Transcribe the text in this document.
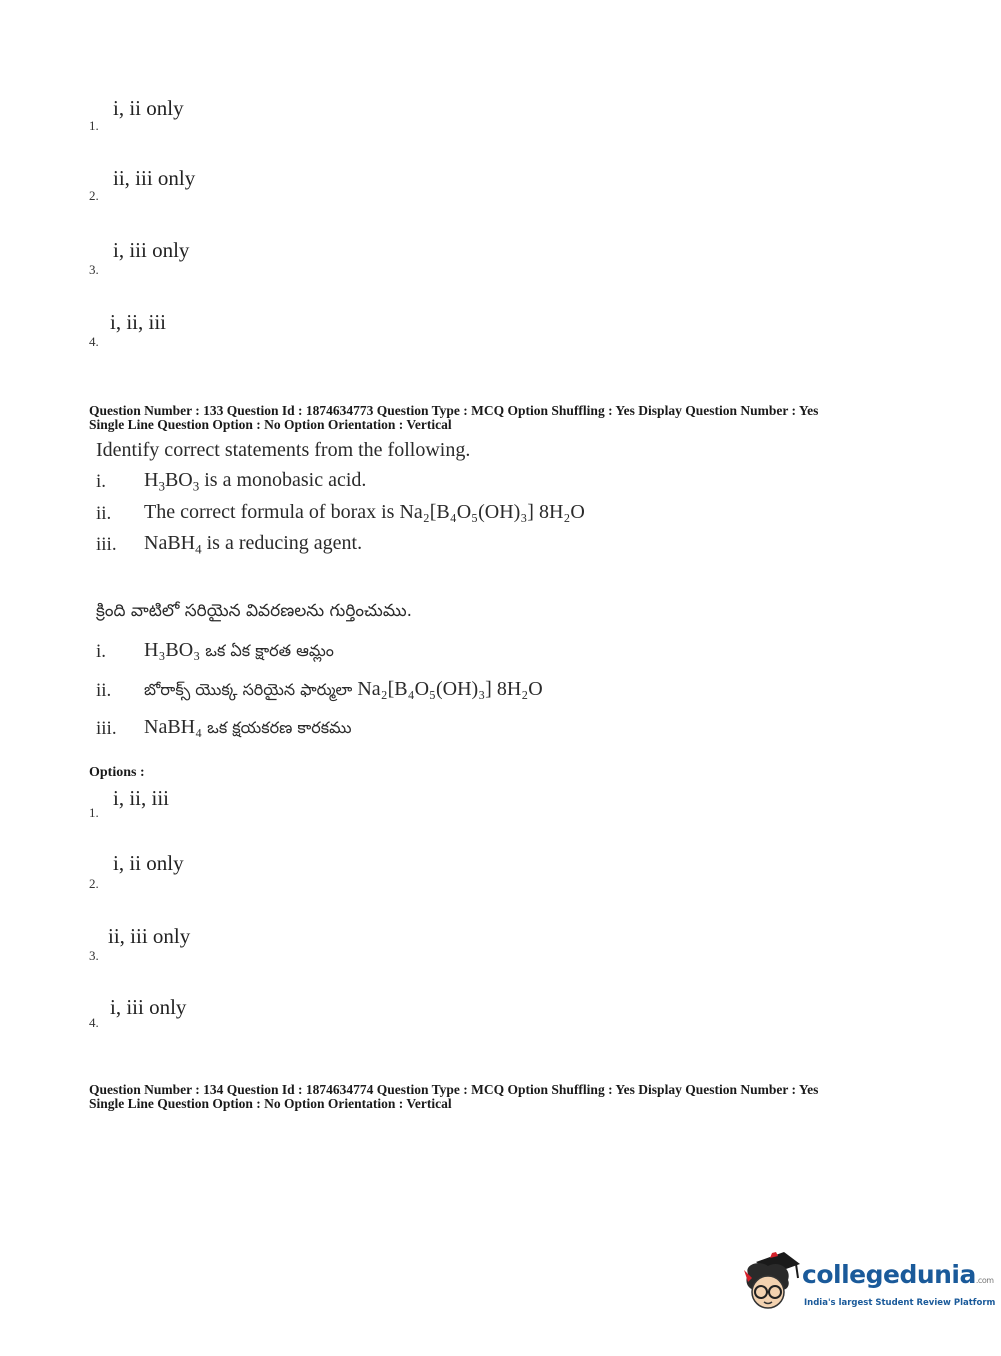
1.
i, ii only
2.
ii, iii only
3.
i, iii only
4.
i, ii, iii
Question Number : 133 Question Id : 1874634773 Question Type : MCQ Option Shuffling : Yes Display Question Number : Yes
Single Line Question Option : No Option Orientation : Vertical
Identify correct statements from the following.
i. $H_3BO_3$ is a monobasic acid.
ii. The correct formula of borax is Na₂[B₄O₅(OH)₃] 8H₂O
iii. NaBH$_4$ is a reducing agent.
క్రింది వాటిలో సరియైన వివరణలను గుర్తించుము.
i. H₃BO₃ ఒక ఏక క్షారత ఆమ్లం
ii. బోరాక్స్ యొక్క సరియైన ఫార్ములా Na₂[B₄O₅(OH)₃] 8H₂O
iii. NaBH₄ ఒక క్షయకరణ కారకము
Options :
1.
i, ii, iii
2.
i, ii only
3.
ii, iii only
4.
i, iii only
Question Number : 134 Question Id : 1874634774 Question Type : MCQ Option Shuffling : Yes Display Question Number : Yes
Single Line Question Option : No Option Orientation : Vertical
collegedunia.com
India's largest Student Review Platform
